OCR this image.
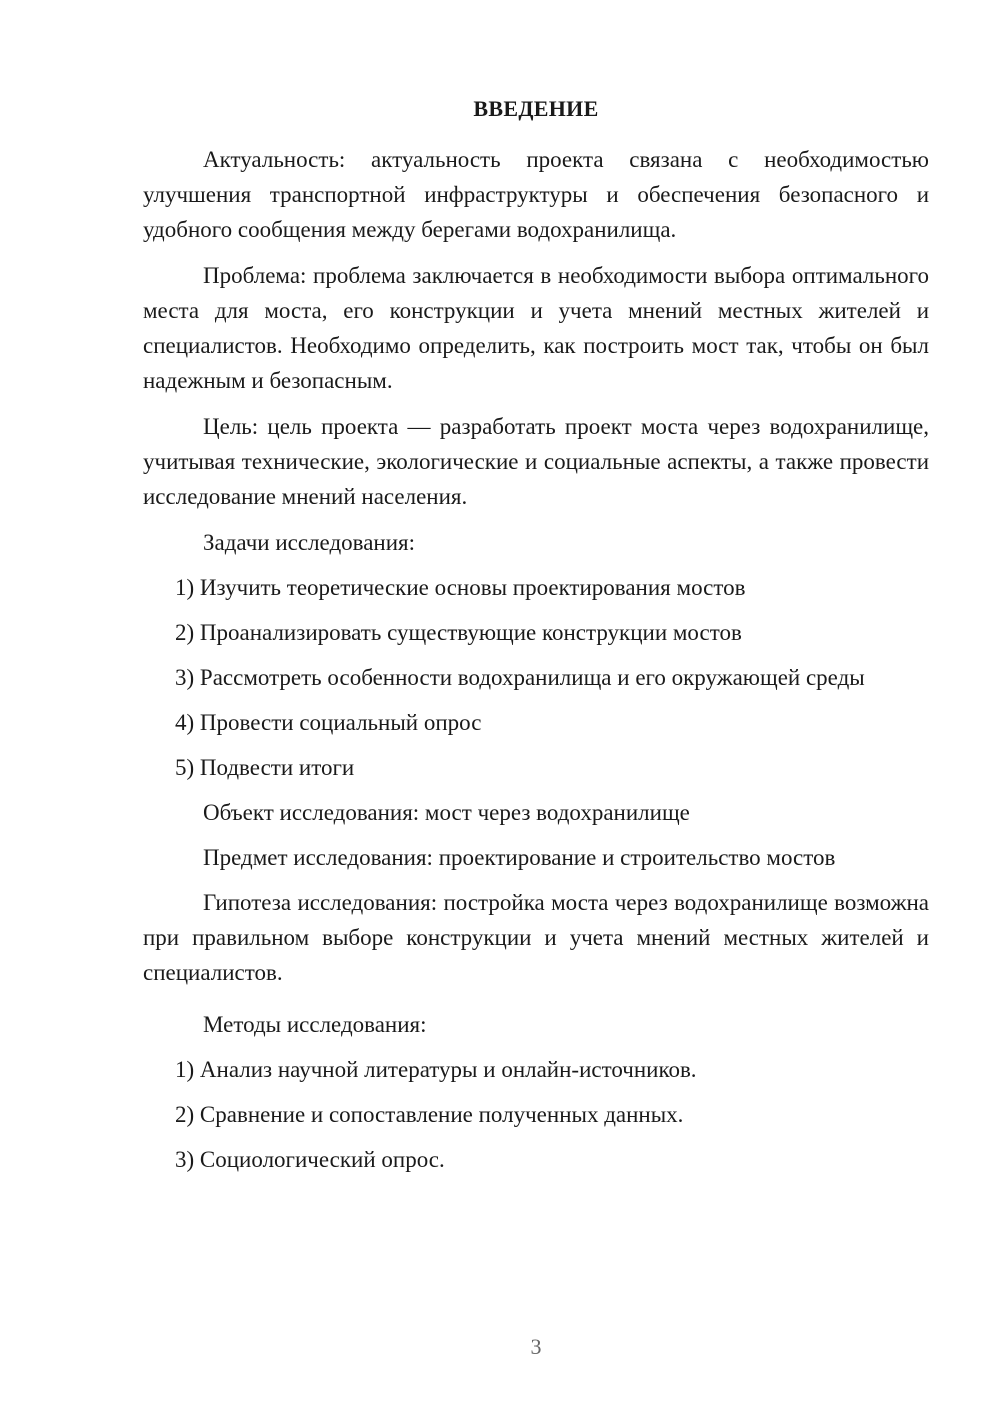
ВВЕДЕНИЕ

Актуальность: актуальность проекта связана с необходимостью улучшения транспортной инфраструктуры и обеспечения безопасного и удобного сообщения между берегами водохранилища.

Проблема: проблема заключается в необходимости выбора оптимального места для моста, его конструкции и учета мнений местных жителей и специалистов. Необходимо определить, как построить мост так, чтобы он был надежным и безопасным.

Цель: цель проекта — разработать проект моста через водохранилище, учитывая технические, экологические и социальные аспекты, а также провести исследование мнений населения.

Задачи исследования:
1) Изучить теоретические основы проектирования мостов
2) Проанализировать существующие конструкции мостов
3) Рассмотреть особенности водохранилища и его окружающей среды
4) Провести социальный опрос
5) Подвести итоги
Объект исследования: мост через водохранилище
Предмет исследования: проектирование и строительство мостов

Гипотеза исследования: постройка моста через водохранилище возможна при правильном выборе конструкции и учета мнений местных жителей и специалистов.

Методы исследования:
1) Анализ научной литературы и онлайн-источников.
2) Сравнение и сопоставление полученных данных.
3) Социологический опрос.
3
